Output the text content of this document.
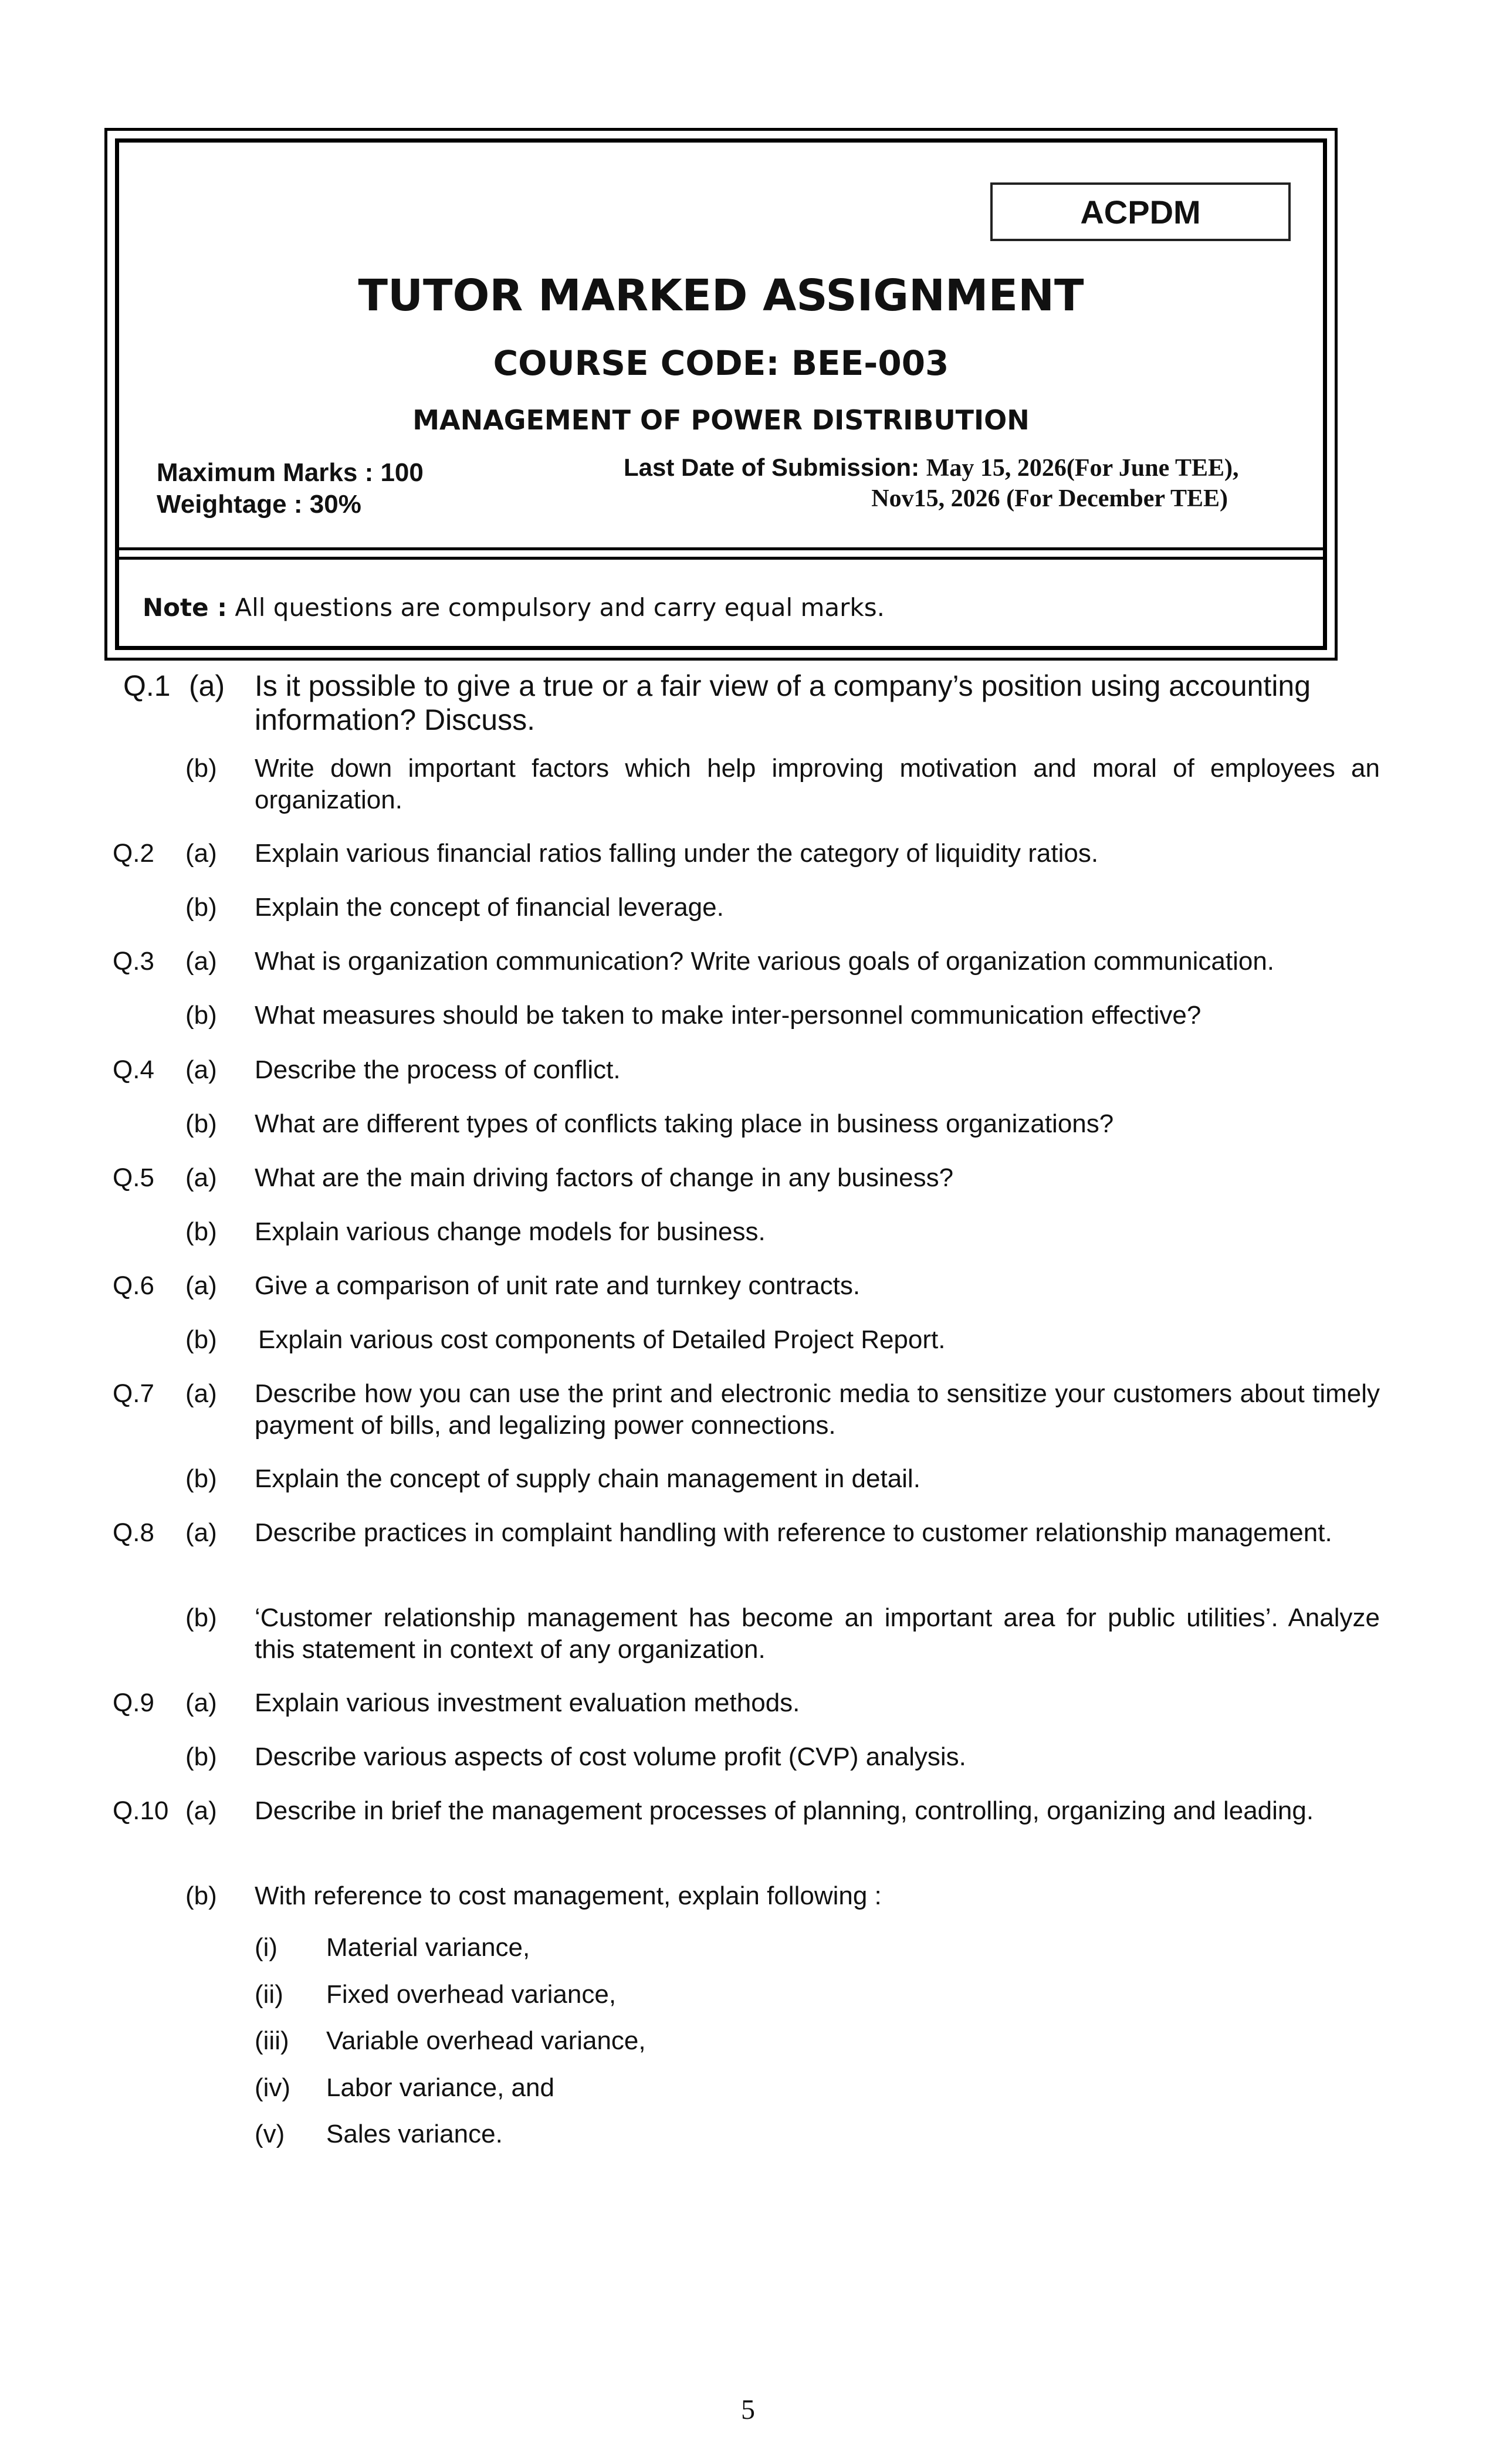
ACPDM
TUTOR MARKED ASSIGNMENT
COURSE CODE: BEE-003
MANAGEMENT OF POWER DISTRIBUTION
Maximum Marks : 100
Weightage : 30%
Last Date of Submission: May 15, 2026(For June TEE),
Nov15, 2026 (For December TEE)
Note : All questions are compulsory and carry equal marks.
Q.1 (a) Is it possible to give a true or a fair view of a company’s position using accounting information? Discuss.
(b) Write down important factors which help improving motivation and moral of employees an organization.
Q.2 (a) Explain various financial ratios falling under the category of liquidity ratios.
(b) Explain the concept of financial leverage.
Q.3 (a) What is organization communication? Write various goals of organization communication.
(b) What measures should be taken to make inter-personnel communication effective?
Q.4 (a) Describe the process of conflict.
(b) What are different types of conflicts taking place in business organizations?
Q.5 (a) What are the main driving factors of change in any business?
(b) Explain various change models for business.
Q.6 (a) Give a comparison of unit rate and turnkey contracts.
(b) Explain various cost components of Detailed Project Report.
Q.7 (a) Describe how you can use the print and electronic media to sensitize your customers about timely payment of bills, and legalizing power connections.
(b) Explain the concept of supply chain management in detail.
Q.8 (a) Describe practices in complaint handling with reference to customer relationship management.
(b) ‘Customer relationship management has become an important area for public utilities’. Analyze this statement in context of any organization.
Q.9 (a) Explain various investment evaluation methods.
(b) Describe various aspects of cost volume profit (CVP) analysis.
Q.10 (a) Describe in brief the management processes of planning, controlling, organizing and leading.
(b) With reference to cost management, explain following :
(i) Material variance,
(ii) Fixed overhead variance,
(iii) Variable overhead variance,
(iv) Labor variance, and
(v) Sales variance.
5
